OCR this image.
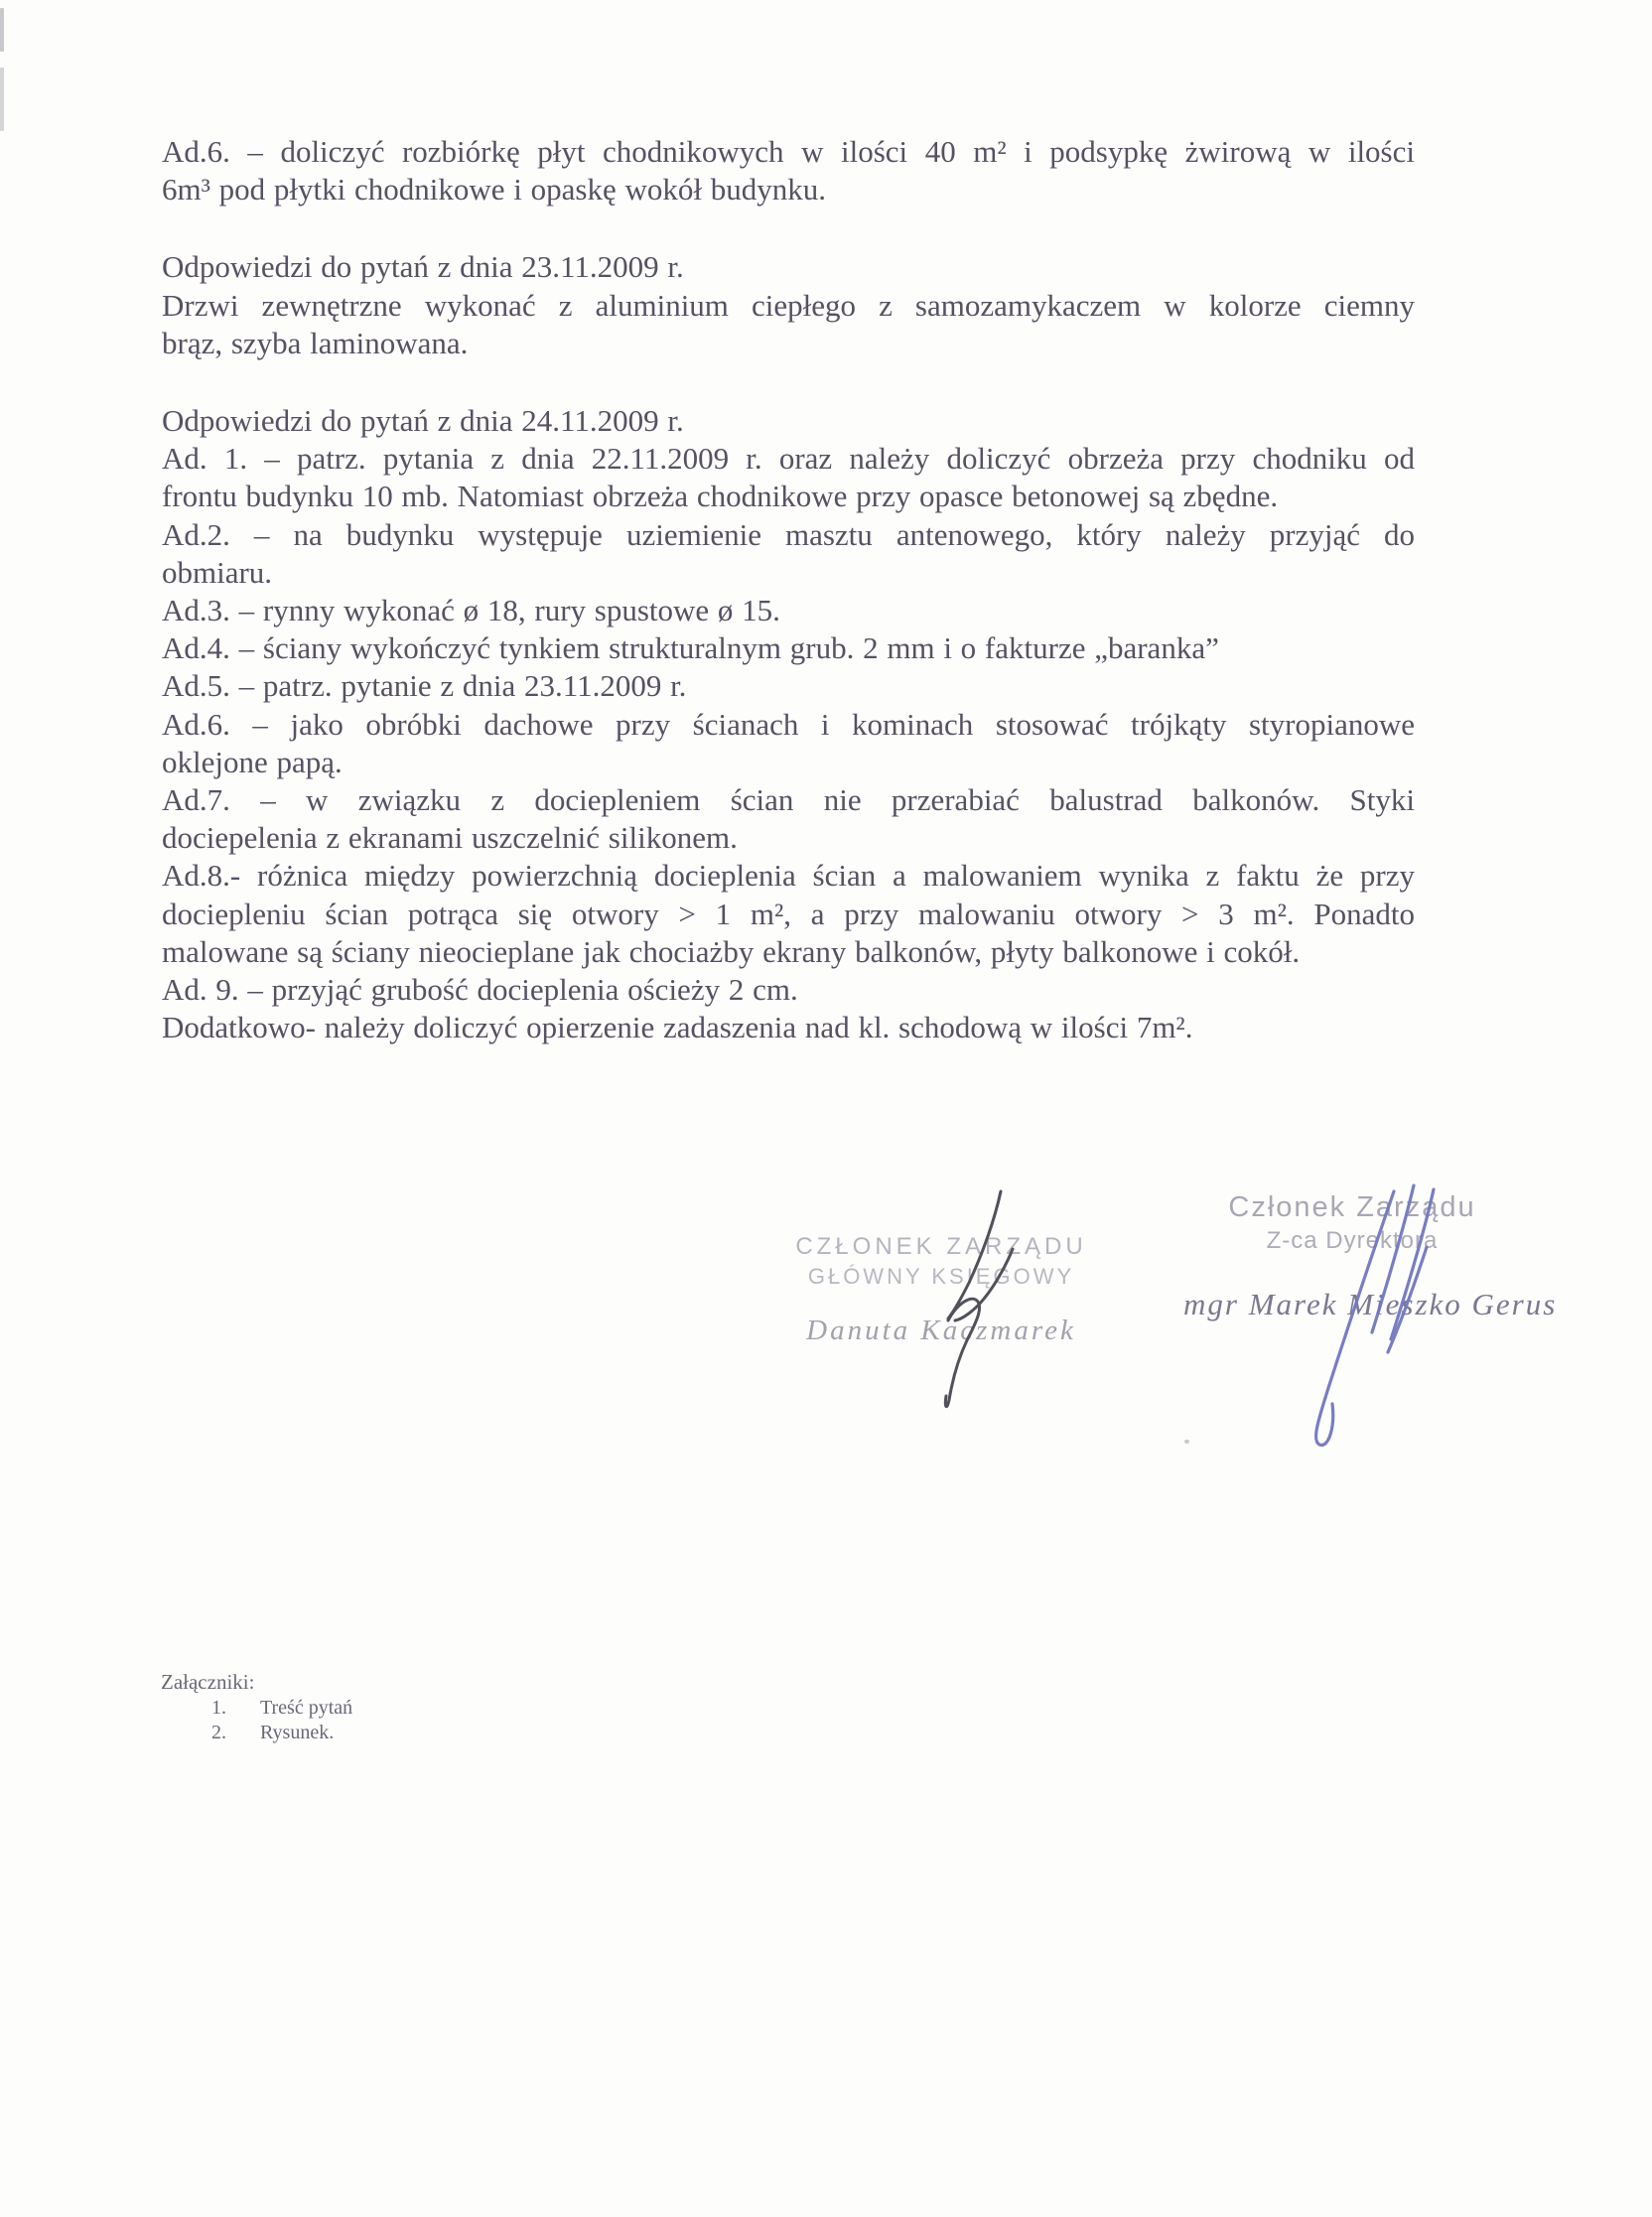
Ad.6. – doliczyć rozbiórkę płyt chodnikowych w ilości 40 m² i podsypkę żwirową w ilości
6m³ pod płytki chodnikowe i opaskę wokół budynku.
Odpowiedzi do pytań z dnia 23.11.2009 r.
Drzwi zewnętrzne wykonać z aluminium ciepłego z samozamykaczem w kolorze ciemny
brąz, szyba laminowana.
Odpowiedzi do pytań z dnia 24.11.2009 r.
Ad. 1. – patrz. pytania z dnia 22.11.2009 r. oraz należy doliczyć obrzeża przy chodniku od
frontu budynku 10 mb. Natomiast obrzeża chodnikowe przy opasce betonowej są zbędne.
Ad.2. – na budynku występuje uziemienie masztu antenowego, który należy przyjąć do
obmiaru.
Ad.3. – rynny wykonać ø 18, rury spustowe ø 15.
Ad.4. – ściany wykończyć tynkiem strukturalnym grub. 2 mm i o fakturze „baranka”
Ad.5. – patrz. pytanie z dnia 23.11.2009 r.
Ad.6. – jako obróbki dachowe przy ścianach i kominach stosować trójkąty styropianowe
oklejone papą.
Ad.7. – w związku z dociepleniem ścian nie przerabiać balustrad balkonów. Styki
dociepelenia z ekranami uszczelnić silikonem.
Ad.8.- różnica między powierzchnią docieplenia ścian a malowaniem wynika z faktu że przy
dociepleniu ścian potrąca się otwory > 1 m², a przy malowaniu otwory > 3 m². Ponadto
malowane są ściany nieocieplane jak chociażby ekrany balkonów, płyty balkonowe i cokół.
Ad. 9. – przyjąć grubość docieplenia ościeży 2 cm.
Dodatkowo- należy doliczyć opierzenie zadaszenia nad kl. schodową w ilości 7m².
CZŁONEK ZARZĄDU
GŁÓWNY KSIĘGOWY
Danuta Kaczmarek
Członek Zarządu
Z-ca Dyrektora
mgr Marek Mieszko Gerus
Załączniki:
1. Treść pytań
2. Rysunek.
